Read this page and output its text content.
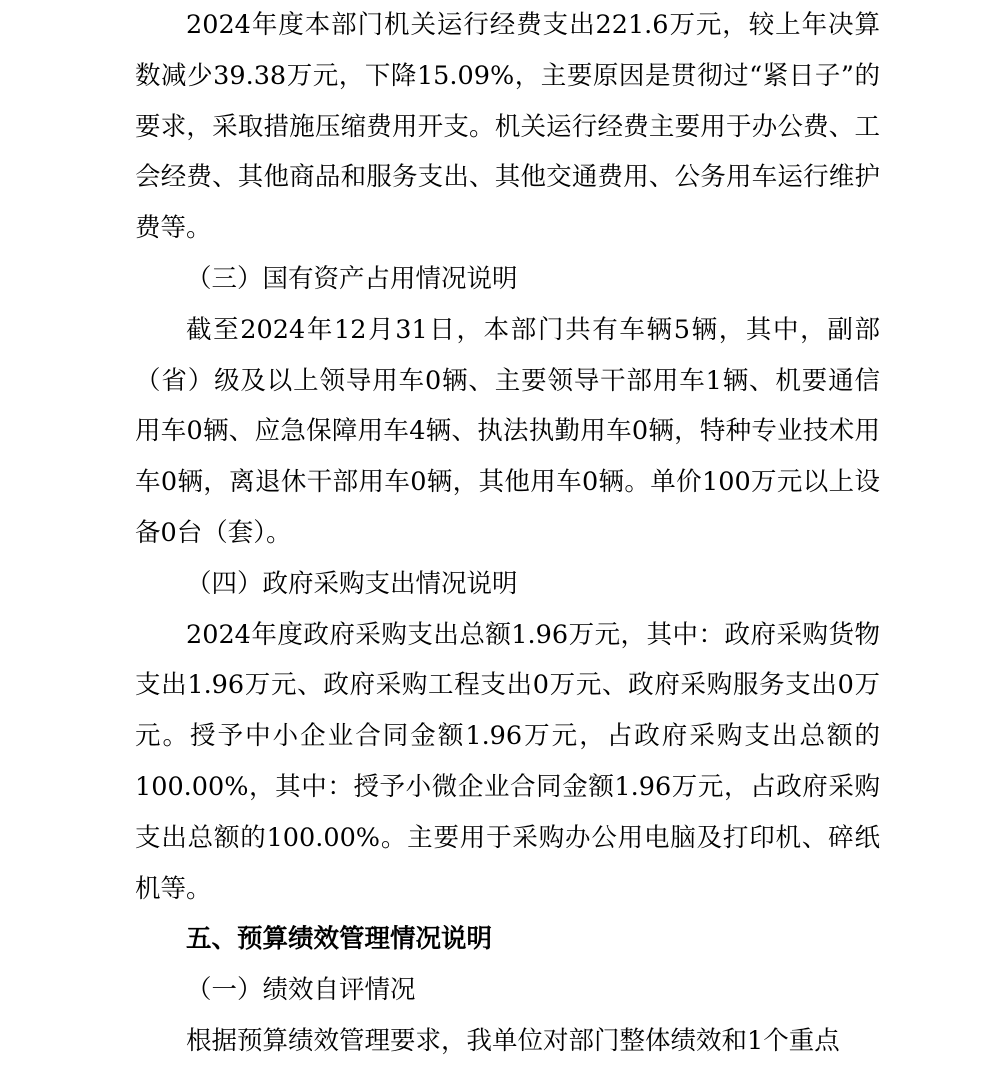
2024年度本部门机关运行经费支出221.6万元，较上年决算数减少39.38万元，下降15.09%，主要原因是贯彻过“紧日子”的要求，采取措施压缩费用开支。机关运行经费主要用于办公费、工会经费、其他商品和服务支出、其他交通费用、公务用车运行维护费等。

（三）国有资产占用情况说明

截至2024年12月31日，本部门共有车辆5辆，其中，副部（省）级及以上领导用车0辆、主要领导干部用车1辆、机要通信用车0辆、应急保障用车4辆、执法执勤用车0辆，特种专业技术用车0辆，离退休干部用车0辆，其他用车0辆。单价100万元以上设备0台（套）。

（四）政府采购支出情况说明

2024年度政府采购支出总额1.96万元，其中：政府采购货物支出1.96万元、政府采购工程支出0万元、政府采购服务支出0万元。授予中小企业合同金额1.96万元，占政府采购支出总额的100.00%，其中：授予小微企业合同金额1.96万元，占政府采购支出总额的100.00%。主要用于采购办公用电脑及打印机、碎纸机等。

五、预算绩效管理情况说明

（一）绩效自评情况

根据预算绩效管理要求，我单位对部门整体绩效和1个重点
